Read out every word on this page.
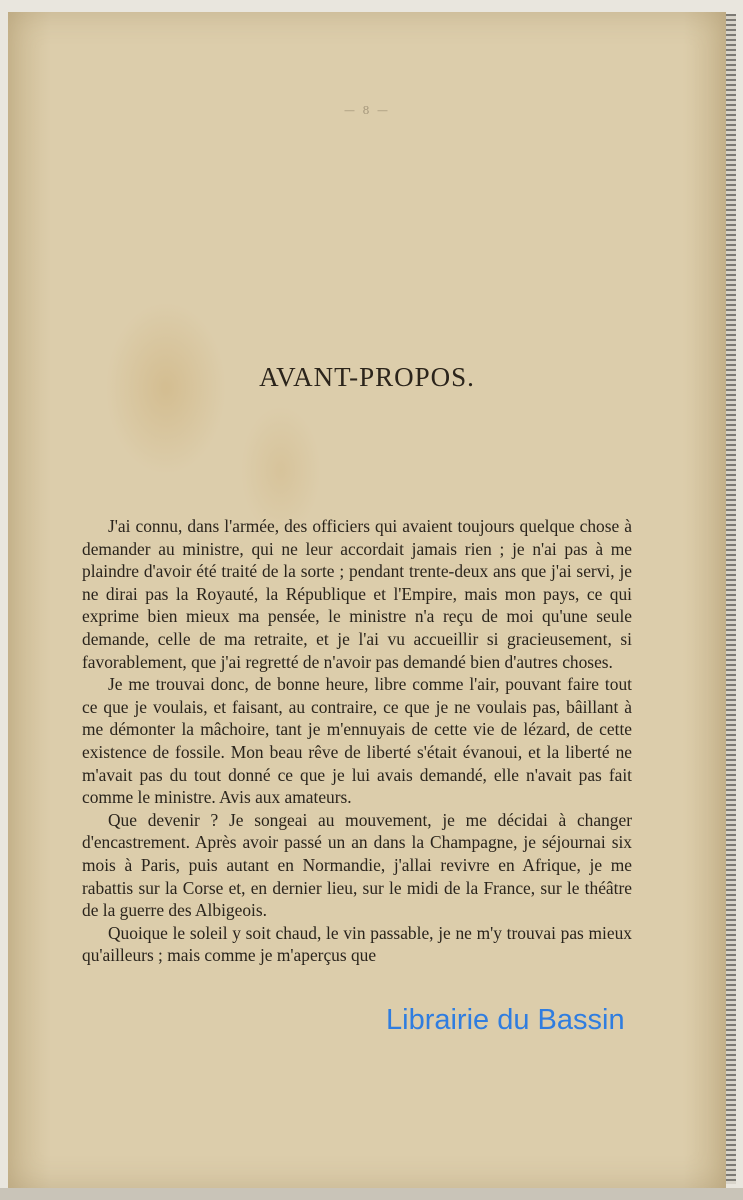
— 8 —
AVANT-PROPOS.

J'ai connu, dans l'armée, des officiers qui avaient toujours quelque chose à demander au ministre, qui ne leur accordait jamais rien ; je n'ai pas à me plaindre d'avoir été traité de la sorte ; pendant trente-deux ans que j'ai servi, je ne dirai pas la Royauté, la République et l'Empire, mais mon pays, ce qui exprime bien mieux ma pensée, le ministre n'a reçu de moi qu'une seule demande, celle de ma retraite, et je l'ai vu accueillir si gracieusement, si favorablement, que j'ai regretté de n'avoir pas demandé bien d'autres choses.

Je me trouvai donc, de bonne heure, libre comme l'air, pouvant faire tout ce que je voulais, et faisant, au contraire, ce que je ne voulais pas, bâillant à me démonter la mâchoire, tant je m'ennuyais de cette vie de lézard, de cette existence de fossile. Mon beau rêve de liberté s'était évanoui, et la liberté ne m'avait pas du tout donné ce que je lui avais demandé, elle n'avait pas fait comme le ministre. Avis aux amateurs.

Que devenir ? Je songeai au mouvement, je me décidai à changer d'encastrement. Après avoir passé un an dans la Champagne, je séjournai six mois à Paris, puis autant en Normandie, j'allai revivre en Afrique, je me rabattis sur la Corse et, en dernier lieu, sur le midi de la France, sur le théâtre de la guerre des Albigeois.

Quoique le soleil y soit chaud, le vin passable, je ne m'y trouvai pas mieux qu'ailleurs ; mais comme je m'aperçus que

Librairie du Bassin
